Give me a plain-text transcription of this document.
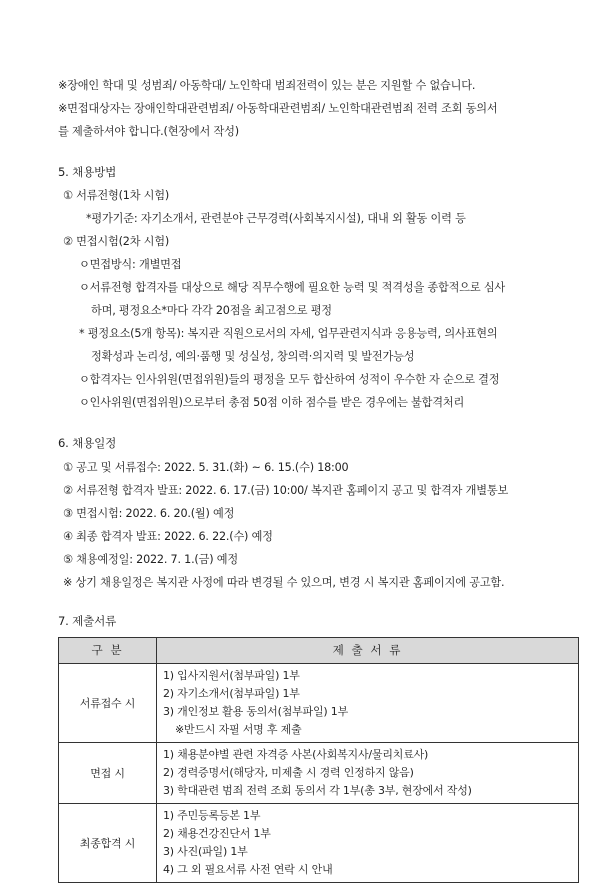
※장애인 학대 및 성범죄/ 아동학대/ 노인학대 범죄전력이 있는 분은 지원할 수 없습니다.
※면접대상자는 장애인학대관련범죄/ 아동학대관련범죄/ 노인학대관련범죄 전력 조회 동의서
를 제출하셔야 합니다.(현장에서 작성)
5. 채용방법
① 서류전형(1차 시험)
*평가기준: 자기소개서, 관련분야 근무경력(사회복지시설), 대내 외 활동 이력 등
② 면접시험(2차 시험)
ㅇ면접방식: 개별면접
ㅇ서류전형 합격자를 대상으로 해당 직무수행에 필요한 능력 및 적격성을 종합적으로 심사
하며, 평정요소*마다 각각 20점을 최고점으로 평정
* 평정요소(5개 항목): 복지관 직원으로서의 자세, 업무관련지식과 응용능력, 의사표현의
정확성과 논리성, 예의·품행 및 성실성, 창의력·의지력 및 발전가능성
ㅇ합격자는 인사위원(면접위원)들의 평정을 모두 합산하여 성적이 우수한 자 순으로 결정
ㅇ인사위원(면접위원)으로부터 총점 50점 이하 점수를 받은 경우에는 불합격처리
6. 채용일정
① 공고 및 서류접수: 2022. 5. 31.(화) ~ 6. 15.(수) 18:00
② 서류전형 합격자 발표: 2022. 6. 17.(금) 10:00/ 복지관 홈페이지 공고 및 합격자 개별통보
③ 면접시험: 2022. 6. 20.(월) 예정
④ 최종 합격자 발표: 2022. 6. 22.(수) 예정
⑤ 채용예정일: 2022. 7. 1.(금) 예정
※ 상기 채용일정은 복지관 사정에 따라 변경될 수 있으며, 변경 시 복지관 홈페이지에 공고함.
7. 제출서류
구 분	제 출 서 류
서류접수 시	1) 입사지원서(첨부파일) 1부
2) 자기소개서(첨부파일) 1부
3) 개인정보 활용 동의서(첨부파일) 1부
※반드시 자필 서명 후 제출

면접 시	1) 채용분야별 관련 자격증 사본(사회복지사/물리치료사)
2) 경력증명서(해당자, 미제출 시 경력 인정하지 않음)
3) 학대관련 범죄 전력 조회 동의서 각 1부(총 3부, 현장에서 작성)

최종합격 시	1) 주민등록등본 1부
2) 채용건강진단서 1부
3) 사진(파일) 1부
4) 그 외 필요서류 사전 연락 시 안내
